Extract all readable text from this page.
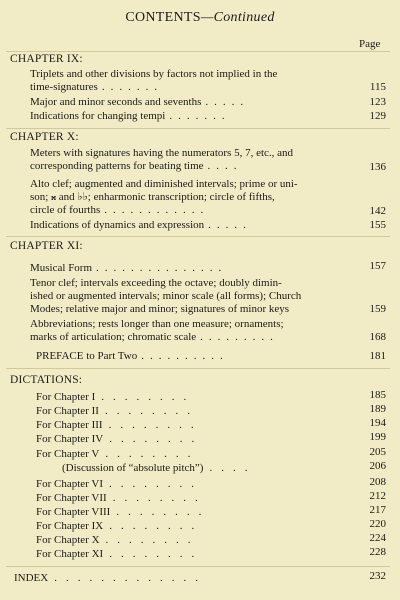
CONTENTS—Continued
Page
CHAPTER IX:
Triplets and other divisions by factors not implied in the
time-signatures .......	115
Major and minor seconds and sevenths .....	123
Indications for changing tempi .......	129
CHAPTER X:
Meters with signatures having the numerators 5, 7, etc., and
corresponding patterns for beating time ....	136
Alto clef; augmented and diminished intervals; prime or uni-
son; 𝄪 and ♭♭; enharmonic transcription; circle of fifths,
circle of fourths ............	142
Indications of dynamics and expression .....	155
CHAPTER XI:
Musical Form ...............	157
Tenor clef; intervals exceeding the octave; doubly dimin-
ished or augmented intervals; minor scale (all forms); Church
Modes; relative major and minor; signatures of minor keys	159
Abbreviations; rests longer than one measure; ornaments;
marks of articulation; chromatic scale .........	168
PREFACE to Part Two ..........	181
DICTATIONS:
For Chapter I ........	185
For Chapter II ........	189
For Chapter III ........	194
For Chapter IV ........	199
For Chapter V ........	205
(Discussion of “absolute pitch”) ....	206
For Chapter VI ........	208
For Chapter VII ........	212
For Chapter VIII ........	217
For Chapter IX ........	220
For Chapter X ........	224
For Chapter XI ........	228
INDEX .............	232
